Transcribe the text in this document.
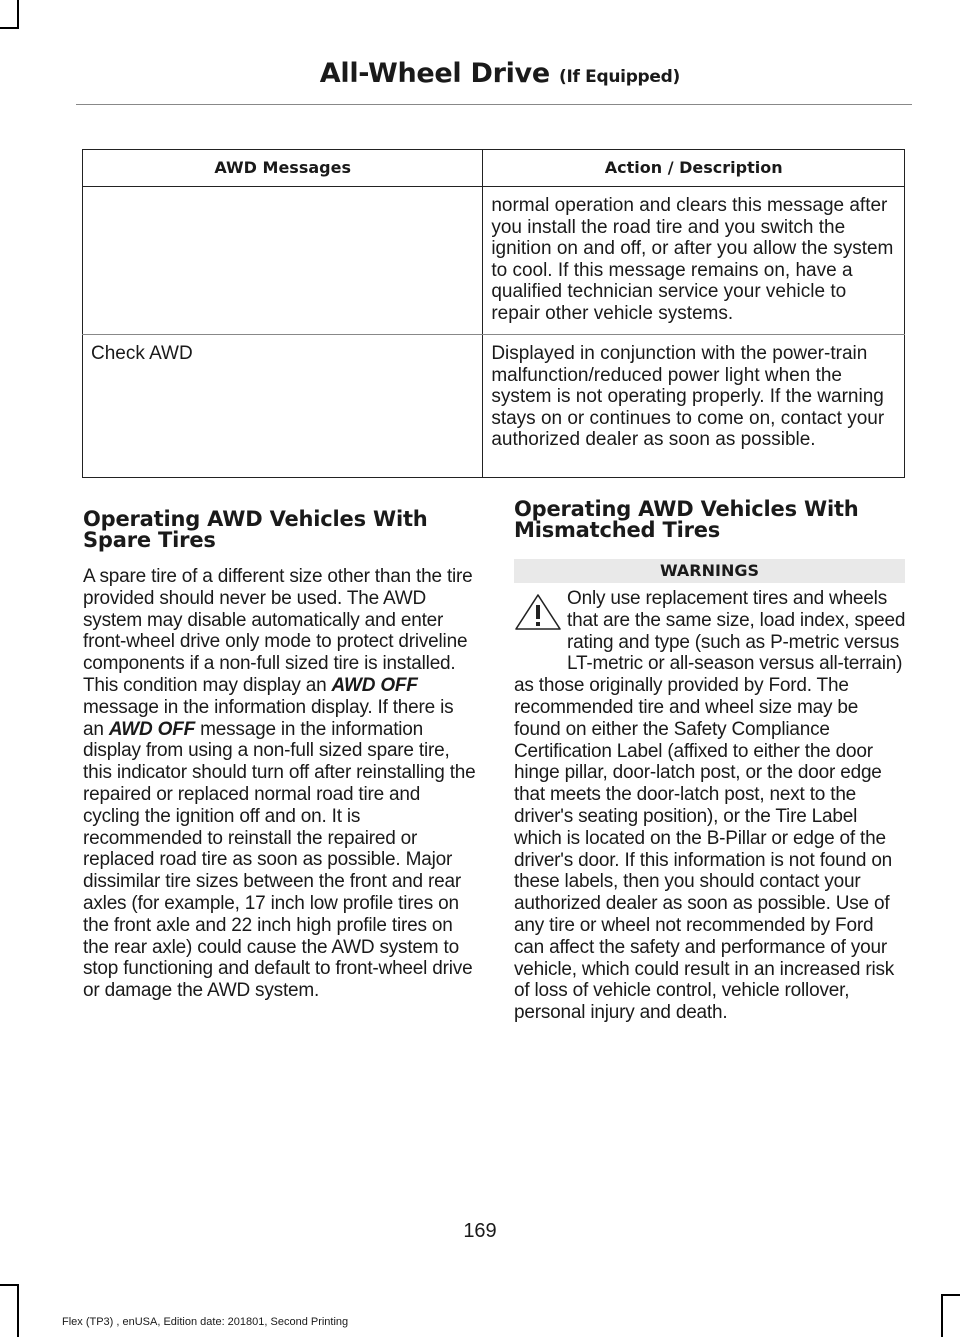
All-Wheel Drive (If Equipped)
AWD Messages	Action / Description
	normal operation and clears this message after you install the road tire and you switch the ignition on and off, or after you allow the system to cool. If this message remains on, have a qualified technician service your vehicle to repair other vehicle systems.
Check AWD	Displayed in conjunction with the power-train malfunction/reduced power light when the system is not operating properly. If the warning stays on or continues to come on, contact your authorized dealer as soon as possible.
Operating AWD Vehicles With Spare Tires
A spare tire of a different size other than the tire provided should never be used. The AWD system may disable automatically and enter front-wheel drive only mode to protect driveline components if a non-full sized tire is installed. This condition may display an AWD OFF message in the information display. If there is an AWD OFF message in the information display from using a non-full sized spare tire, this indicator should turn off after reinstalling the repaired or replaced normal road tire and cycling the ignition off and on. It is recommended to reinstall the repaired or replaced road tire as soon as possible. Major dissimilar tire sizes between the front and rear axles (for example, 17 inch low profile tires on the front axle and 22 inch high profile tires on the rear axle) could cause the AWD system to stop functioning and default to front-wheel drive or damage the AWD system.
Operating AWD Vehicles With Mismatched Tires
WARNINGS
Only use replacement tires and wheels that are the same size, load index, speed rating and type (such as P-metric versus LT-metric or all-season versus all-terrain) as those originally provided by Ford. The recommended tire and wheel size may be found on either the Safety Compliance Certification Label (affixed to either the door hinge pillar, door-latch post, or the door edge that meets the door-latch post, next to the driver's seating position), or the Tire Label which is located on the B-Pillar or edge of the driver's door. If this information is not found on these labels, then you should contact your authorized dealer as soon as possible. Use of any tire or wheel not recommended by Ford can affect the safety and performance of your vehicle, which could result in an increased risk of loss of vehicle control, vehicle rollover, personal injury and death.
169
Flex (TP3) , enUSA, Edition date: 201801, Second Printing
